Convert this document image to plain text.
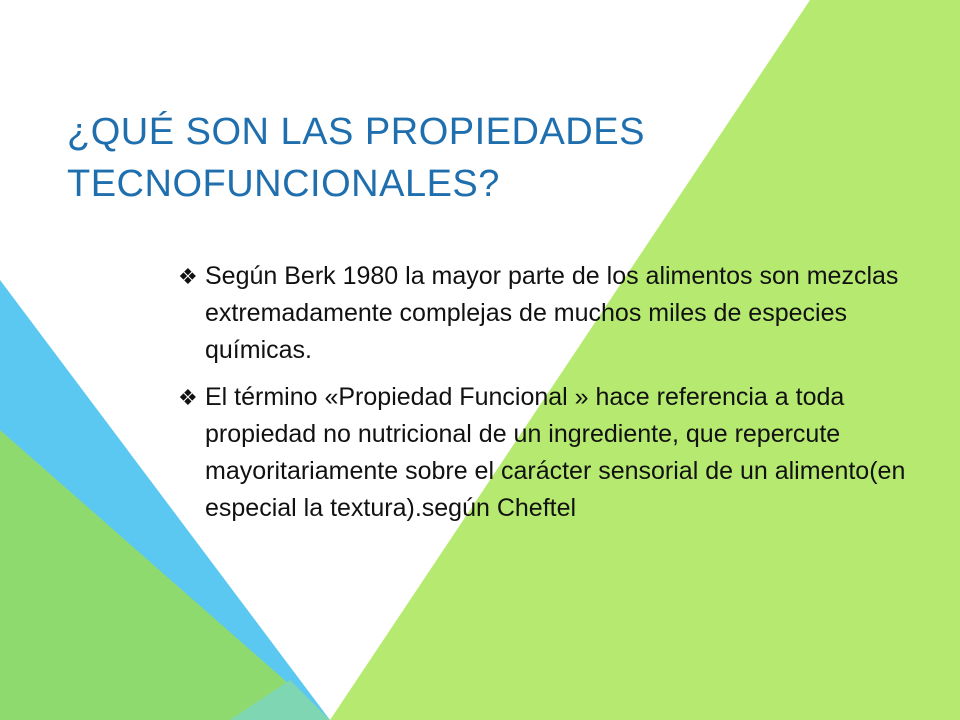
¿QUÉ SON LAS PROPIEDADES TECNOFUNCIONALES?
❖ Según Berk 1980 la mayor parte de los alimentos son mezclas extremadamente complejas de muchos miles de especies químicas.
❖ El término «Propiedad Funcional » hace referencia a toda propiedad no nutricional de un ingrediente, que repercute mayoritariamente sobre el carácter sensorial de un alimento(en especial la textura).según Cheftel
